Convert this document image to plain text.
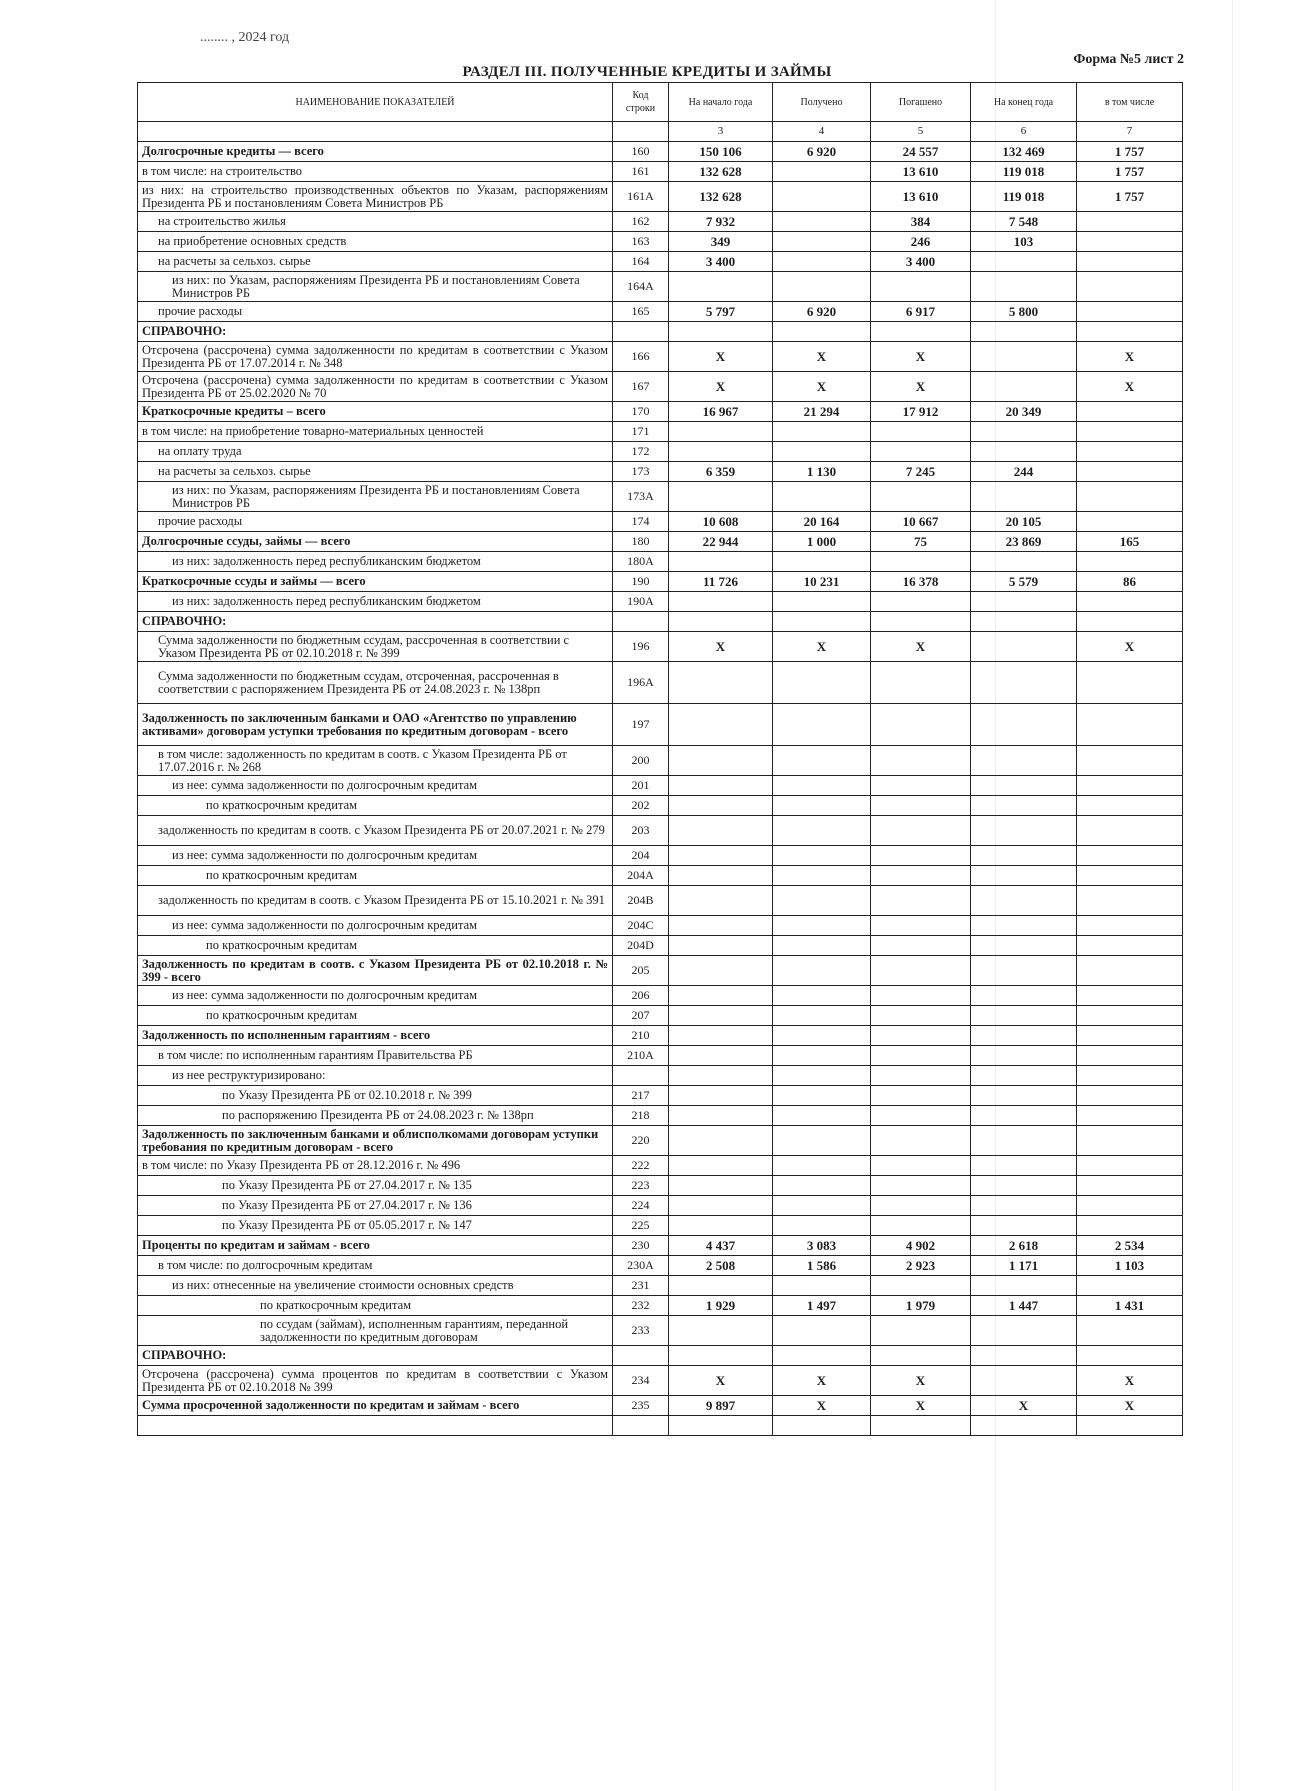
........ , 2024 год
Форма №5 лист 2
РАЗДЕЛ III. ПОЛУЧЕННЫЕ КРЕДИТЫ И ЗАЙМЫ
НАИМЕНОВАНИЕ ПОКАЗАТЕЛЕЙ	Код строки	На начало года	Получено	Погашено	На конец года	в том числе
		3	4	5	6	7
Долгосрочные кредиты — всего	160	150 106	6 920	24 557	132 469	1 757
в том числе: на строительство	161	132 628		13 610	119 018	1 757
из них: на строительство производственных объектов по Указам, распоряжениям Президента РБ и постановлениям Совета Министров РБ	161А	132 628		13 610	119 018	1 757
на строительство жилья	162	7 932		384	7 548	
на приобретение основных средств	163	349		246	103	
на расчеты за сельхоз. сырье	164	3 400		3 400		
из них: по Указам, распоряжениям Президента РБ и постановлениям Совета Министров РБ	164А					
прочие расходы	165	5 797	6 920	6 917	5 800	
СПРАВОЧНО:						
Отсрочена (рассрочена) сумма задолженности по кредитам в соответствии с Указом Президента РБ от 17.07.2014 г. № 348	166	X	X	X		X
Отсрочена (рассрочена) сумма задолженности по кредитам в соответствии с Указом Президента РБ от 25.02.2020 № 70	167	X	X	X		X
Краткосрочные кредиты – всего	170	16 967	21 294	17 912	20 349	
в том числе: на приобретение товарно-материальных ценностей	171					
на оплату труда	172					
на расчеты за сельхоз. сырье	173	6 359	1 130	7 245	244	
из них: по Указам, распоряжениям Президента РБ и постановлениям Совета Министров РБ	173А					
прочие расходы	174	10 608	20 164	10 667	20 105	
Долгосрочные ссуды, займы — всего	180	22 944	1 000	75	23 869	165
из них: задолженность перед республиканским бюджетом	180А					
Краткосрочные ссуды и займы — всего	190	11 726	10 231	16 378	5 579	86
из них: задолженность перед республиканским бюджетом	190А					
СПРАВОЧНО:						
Сумма задолженности по бюджетным ссудам, рассроченная в соответствии с Указом Президента РБ от 02.10.2018 г. № 399	196	X	X	X		X
Сумма задолженности по бюджетным ссудам, отсроченная, рассроченная в соответствии с распоряжением Президента РБ от 24.08.2023 г. № 138рп	196А					
Задолженность по заключенным банками и ОАО «Агентство по управлению активами» договорам уступки требования по кредитным договорам - всего	197					
в том числе: задолженность по кредитам в соотв. с Указом Президента РБ от 17.07.2016 г. № 268	200					
из нее: сумма задолженности по долгосрочным кредитам	201					
по краткосрочным кредитам	202					
задолженность по кредитам в соотв. с Указом Президента РБ от 20.07.2021 г. № 279	203					
из нее: сумма задолженности по долгосрочным кредитам	204					
по краткосрочным кредитам	204А					
задолженность по кредитам в соотв. с Указом Президента РБ от 15.10.2021 г. № 391	204В					
из нее: сумма задолженности по долгосрочным кредитам	204С					
по краткосрочным кредитам	204D					
Задолженность по кредитам в соотв. с Указом Президента РБ от 02.10.2018 г. № 399 - всего	205					
из нее: сумма задолженности по долгосрочным кредитам	206					
по краткосрочным кредитам	207					
Задолженность по исполненным гарантиям - всего	210					
в том числе: по исполненным гарантиям Правительства РБ	210А					
из нее реструктуризировано:						
по Указу Президента РБ от 02.10.2018 г. № 399	217					
по распоряжению Президента РБ от 24.08.2023 г. № 138рп	218					
Задолженность по заключенным банками и облисполкомами договорам уступки требования по кредитным договорам - всего	220					
в том числе: по Указу Президента РБ от 28.12.2016 г. № 496	222					
по Указу Президента РБ от 27.04.2017 г. № 135	223					
по Указу Президента РБ от 27.04.2017 г. № 136	224					
по Указу Президента РБ от 05.05.2017 г. № 147	225					
Проценты по кредитам и займам - всего	230	4 437	3 083	4 902	2 618	2 534
в том числе: по долгосрочным кредитам	230А	2 508	1 586	2 923	1 171	1 103
из них: отнесенные на увеличение стоимости основных средств	231					
по краткосрочным кредитам	232	1 929	1 497	1 979	1 447	1 431
по ссудам (займам), исполненным гарантиям, переданной задолженности по кредитным договорам	233					
СПРАВОЧНО:						
Отсрочена (рассрочена) сумма процентов по кредитам в соответствии с Указом Президента РБ от 02.10.2018 № 399	234	X	X	X		X
Сумма просроченной задолженности по кредитам и займам - всего	235	9 897	X	X	X	X
